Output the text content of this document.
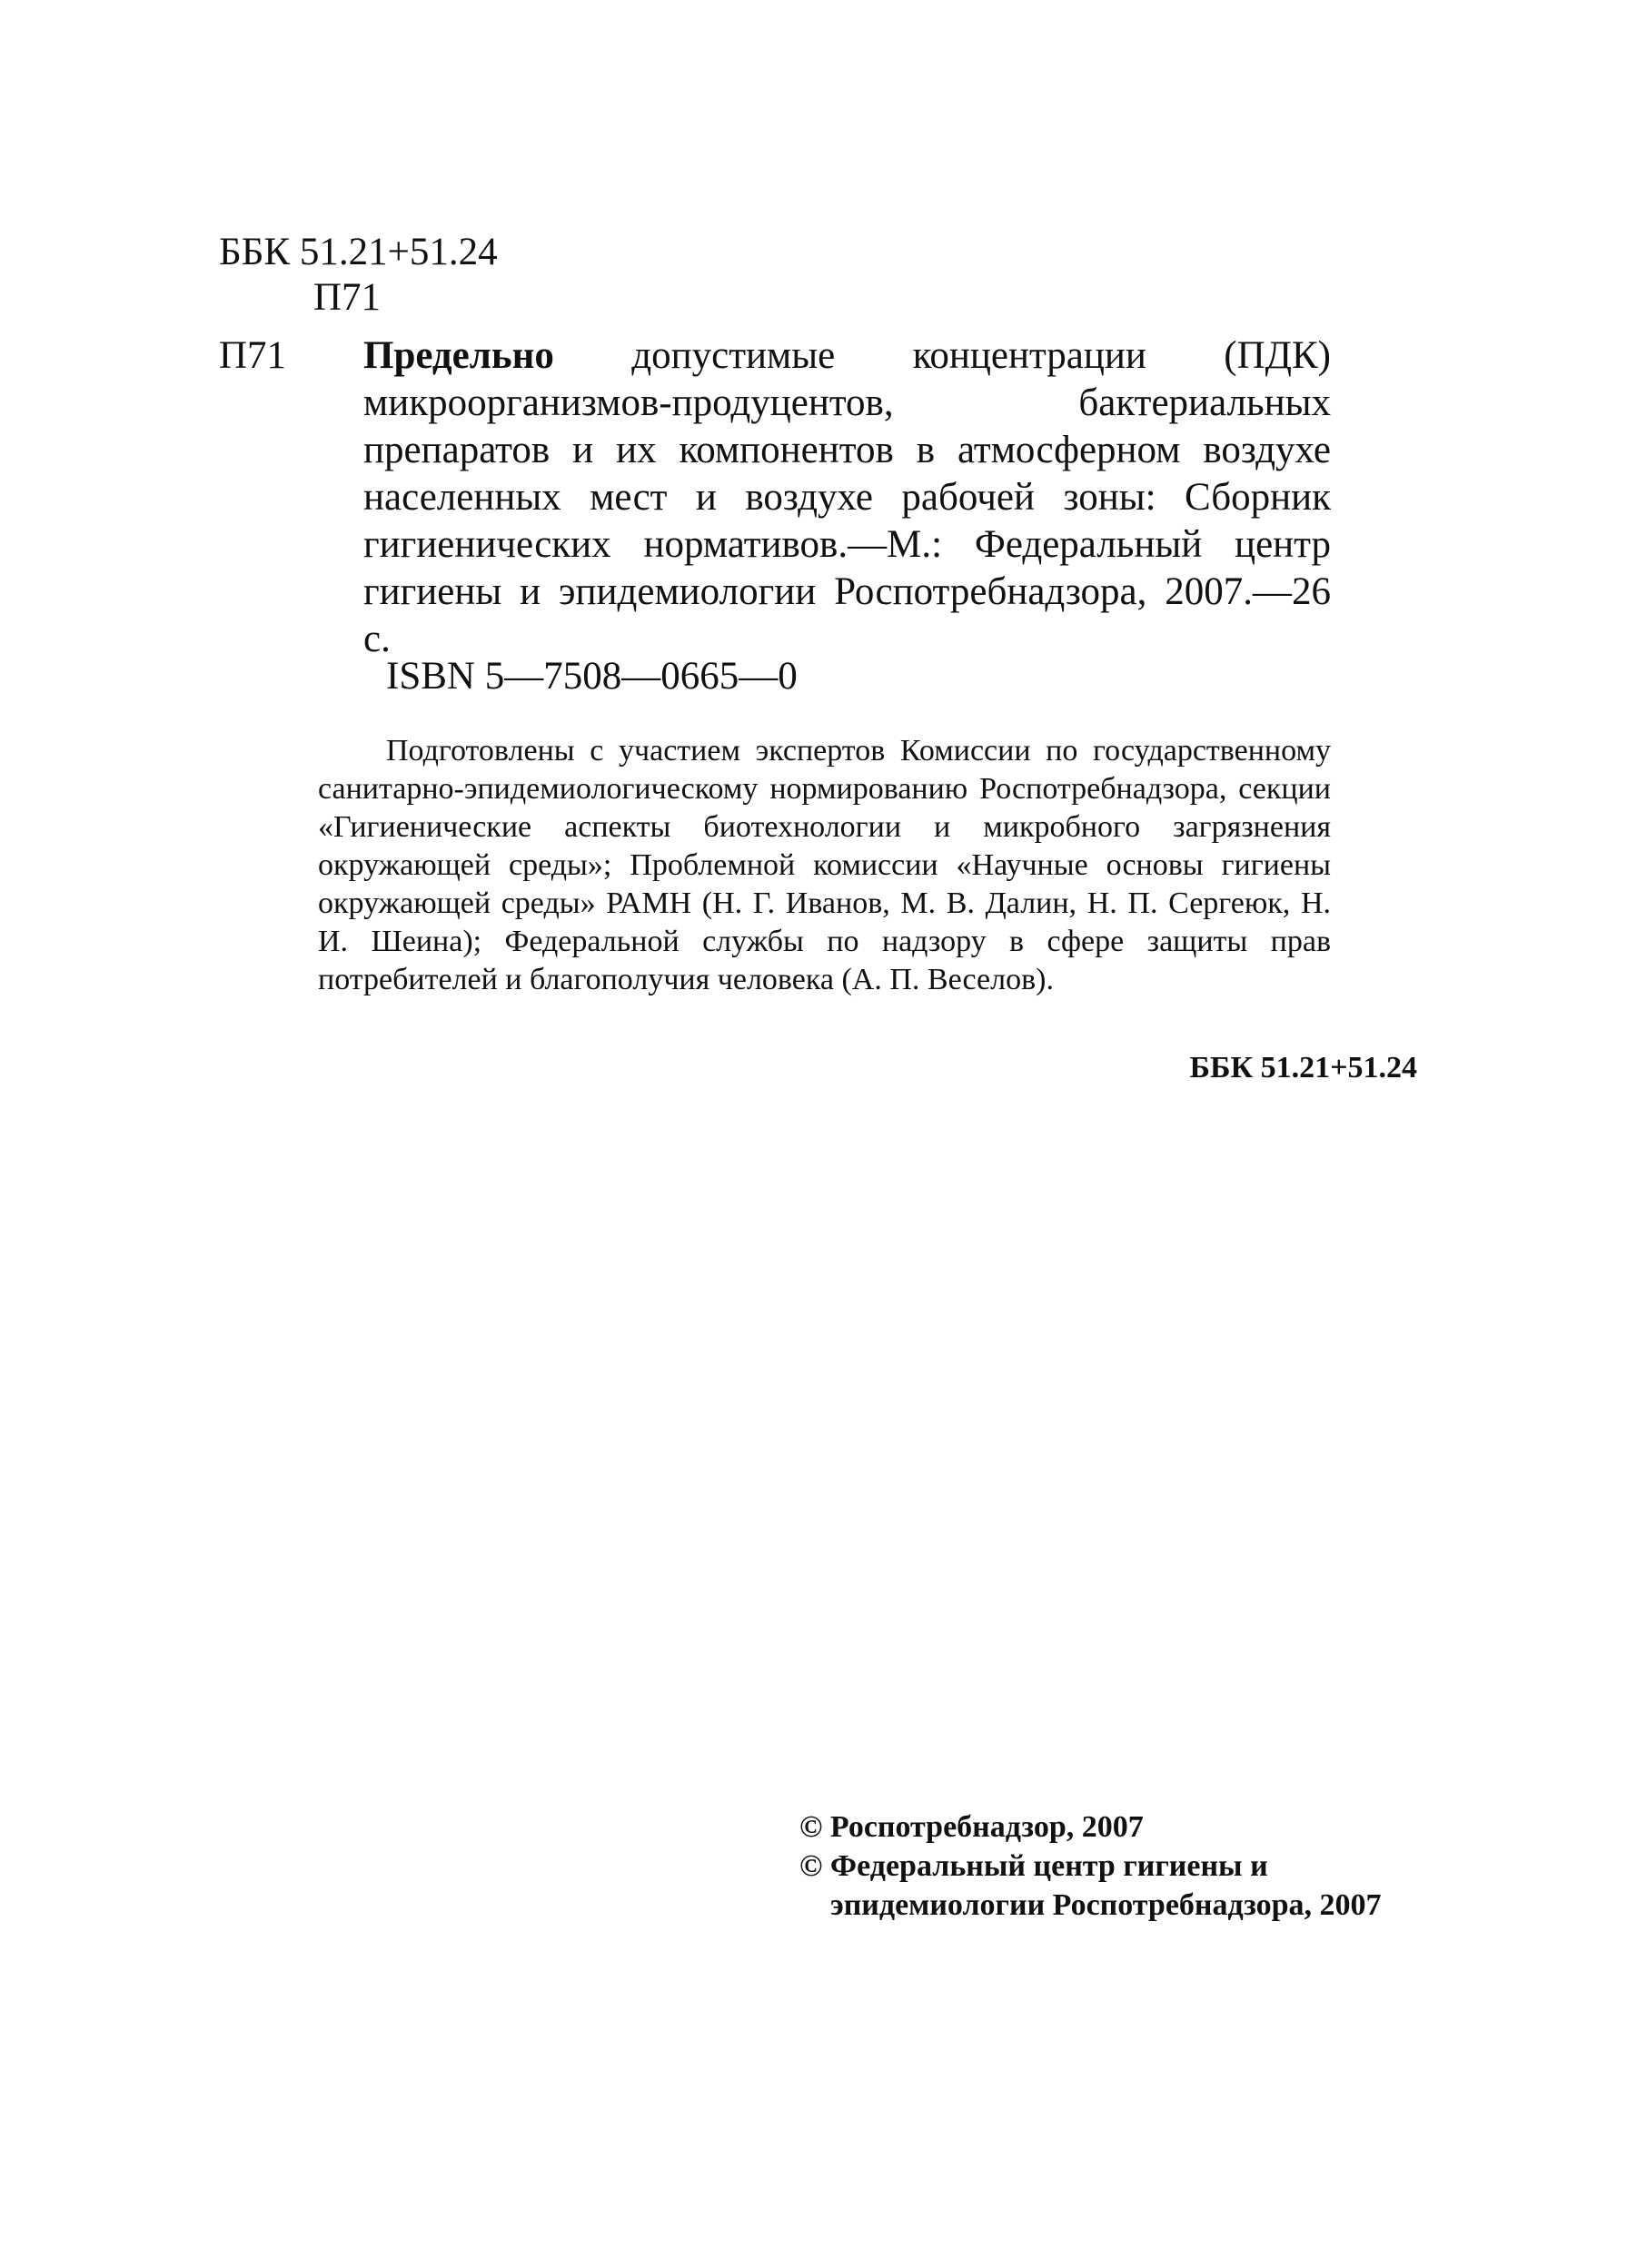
ББК 51.21+51.24
П71
П71 Предельно допустимые концентрации (ПДК) микроорганизмов-продуцентов, бактериальных препаратов и их компонентов в атмосферном воздухе населенных мест и воздухе рабочей зоны: Сборник гигиенических нормативов.—М.: Федеральный центр гигиены и эпидемиологии Роспотребнадзора, 2007.—26 с.
ISBN 5—7508—0665—0
Подготовлены с участием экспертов Комиссии по государственному санитарно-эпидемиологическому нормированию Роспотребнадзора, секции «Гигиенические аспекты биотехнологии и микробного загрязнения окружающей среды»; Проблемной комиссии «Научные основы гигиены окружающей среды» РАМН (Н. Г. Иванов, М. В. Далин, Н. П. Сергеюк, Н. И. Шеина); Федеральной службы по надзору в сфере защиты прав потребителей и благополучия человека (А. П. Веселов).
ББК 51.21+51.24
© Роспотребнадзор, 2007
© Федеральный центр гигиены и
эпидемиологии Роспотребнадзора, 2007
